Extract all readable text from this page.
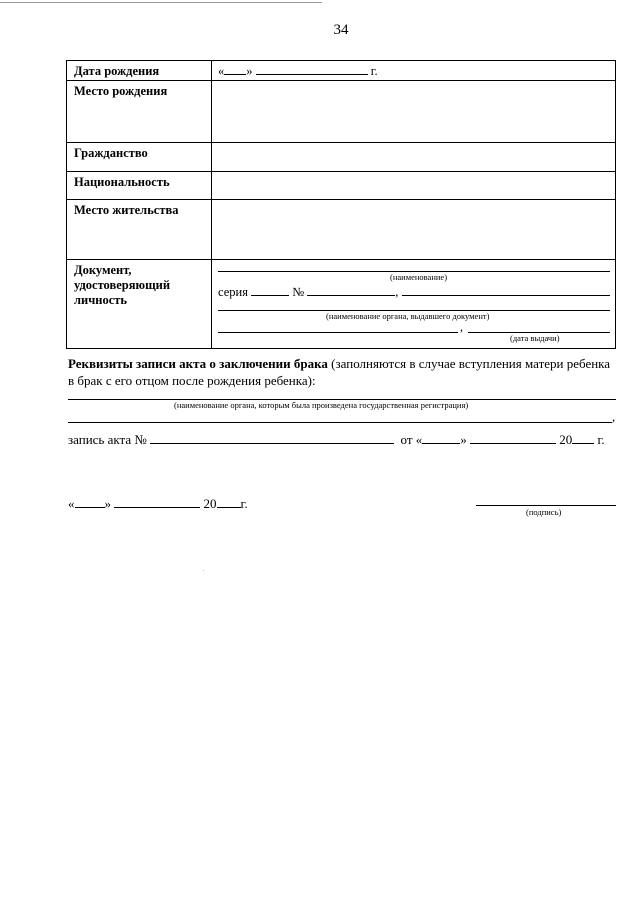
34
Дата рождения	« » г.

Место рождения	
Гражданство	
Национальность	
Место жительства	
Документ, удостоверяющий личность	(наименование)
серия № ,
(наименование органа, выдавшего документ)
,
(дата выдачи)
Реквизиты записи акта о заключении брака (заполняются в случае вступления матери ребенка в брак с его отцом после рождения ребенка):
(наименование органа, которым была произведена государственная регистрация)
,
запись акта №	от «	»	20 г.
« »	20 г.
(подпись)
